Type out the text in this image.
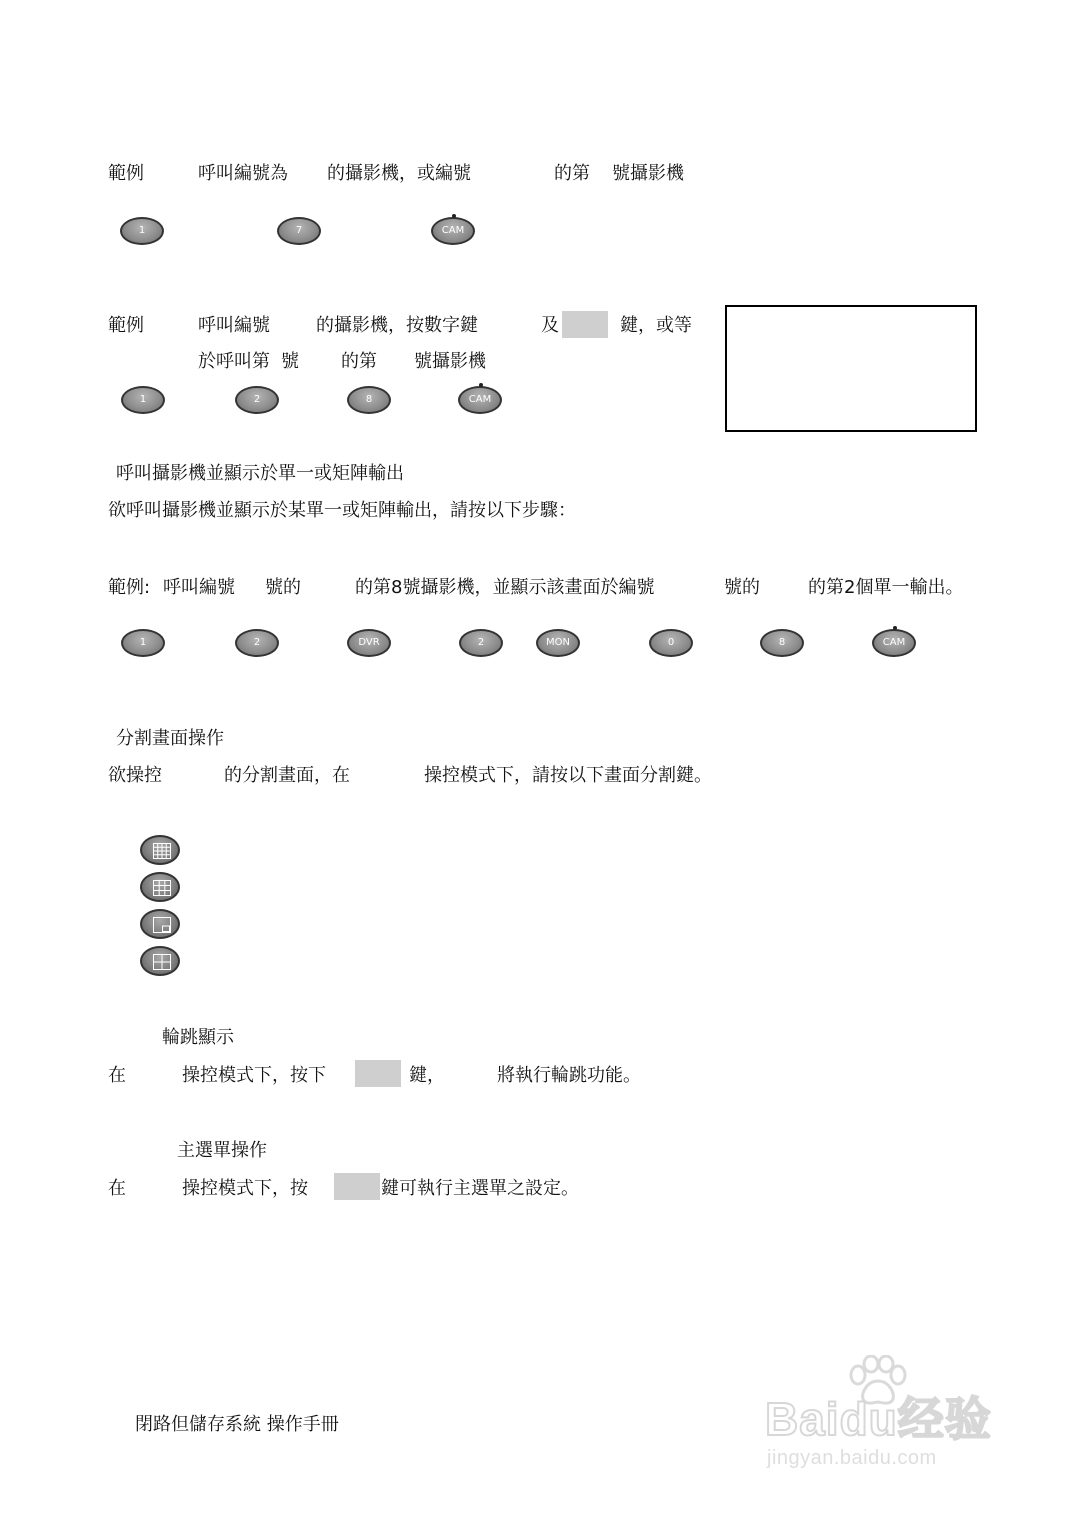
範例	呼叫編號為 的攝影機，或編號	的第 號攝影機
1	7	CAM
範例	呼叫編號	的攝影機，按數字鍵	及	鍵，或等
於呼叫第 號 的第 號攝影機
1	2	8	CAM
呼叫攝影機並顯示於單一或矩陣輸出
欲呼叫攝影機並顯示於某單一或矩陣輸出，請按以下步驟：
範例: 呼叫編號 號的	的第8號攝影機，並顯示該畫面於編號	號的	的第2個單一輸出。
1	2	DVR	2	MON	0	8	CAM
分割畫面操作
欲操控	的分割畫面，在	操控模式下，請按以下畫面分割鍵。
輪跳顯示
在	操控模式下，按下	鍵，	將執行輪跳功能。
主選單操作
在	操控模式下，按	鍵可執行主選單之設定。
閉路但儲存系統 操作手冊	Baidu经验
jingyan.baidu.com
